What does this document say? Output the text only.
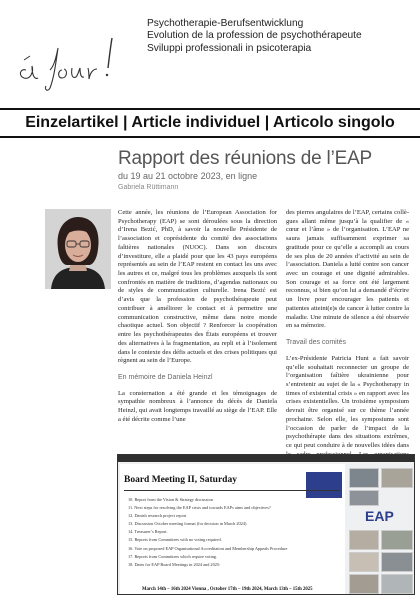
Psychotherapie-Berufsentwicklung
Evolution de la profession de psychothérapeute
Sviluppi professionali in psicoterapia
Einzelartikel | Article individuel | Articolo singolo
Rapport des réunions de l’EAP
du 19 au 21 octobre 2023, en ligne
Gabriela Rüttimann

Cette année, les réunions de l’European Association for Psychotherapy (EAP) se sont déroulées sous la direction d’Irena Bezić, PhD, à savoir la nouvelle Présidente de l’association et coprésidente du comité des associations faîtières nationales (NUOC). Dans son discours d’investiture, elle a plaidé pour que les 43 pays européens représentés au sein de l’EAP restent en contact les uns avec les autres et ce, malgré tous les problèmes auxquels ils sont confrontés en matière de traditions, d’agendas nationaux ou de styles de communication culturelle. Irena Bezić est d’avis que la profession de psychothérapeute peut contribuer à améliorer le contact et à permettre une communication constructive, même dans notre monde chaotique actuel. Son objectif ? Renforcer la coopération entre les psychothérapeutes des États européens et trouver des alternatives à la fragmentation, au repli et à l’isolement dans le contexte des défis actuels et des crises politiques qui règnent au sein de l’Europe.

En mémoire de Daniela Heinzl

La consternation a été grande et les témoignages de sympathie nombreux à l’annonce du décès de Daniela Heinzl, qui avait longtemps travaillé au siège de l’EAP. Elle a été décrite comme l’une

des pierres angulaires de l’EAP, certains collègues allant même jusqu’à la qualifier de « cœur et l’âme » de l’organisation. L’EAP ne saura jamais suffisamment exprimer sa gratitude pour ce qu’elle a accompli au cours de ses plus de 20 années d’activité au sein de l’association. Daniela a lutté contre son cancer avec un courage et une dignité admirables. Son courage et sa force ont été largement reconnus, si bien qu’on lui a demandé d’écrire un livre pour encourager les patients et patientes atteint(e)s de cancer à lutter contre la maladie. Une minute de silence a été observée en sa mémoire.

Travail des comités

L’ex-Présidente Patricia Hunt a fait savoir qu’elle souhaitait reconnecter un groupe de l’organisation faîtière ukrainienne pour s’entretenir au sujet de la « Psychotherapy in times of existential crisis » en rapport avec les crises existentielles. Un troisième symposium devrait être organisé sur ce thème l’année prochaine. Selon elle, les symposiums sont l’occasion de parler de l’impact de la psychothérapie dans des situations extrêmes, ce qui peut conduire à de nouvelles idées dans

Board Meeting II, Saturday
10. Report from the Vision & Strategy discussion
11. Next steps for resolving the EAP crisis and towards EAPs aims and objectives?
12. Danish research project report
13. Discussion October meeting format (for decision in March 2024)
14. Treasurer’s Report.
15. Reports from Committees with no voting required.
16. Vote on proposed EAP Organisational Accreditation and Membership Appeals Procedure
17. Reports from Committees which require voting.
18. Dates for EAP Board Meetings in 2024 and 2025:
March 14th – 16th 2024 Vienna , October 17th – 19th 2024, March 13th – 15th 2025
EAP
